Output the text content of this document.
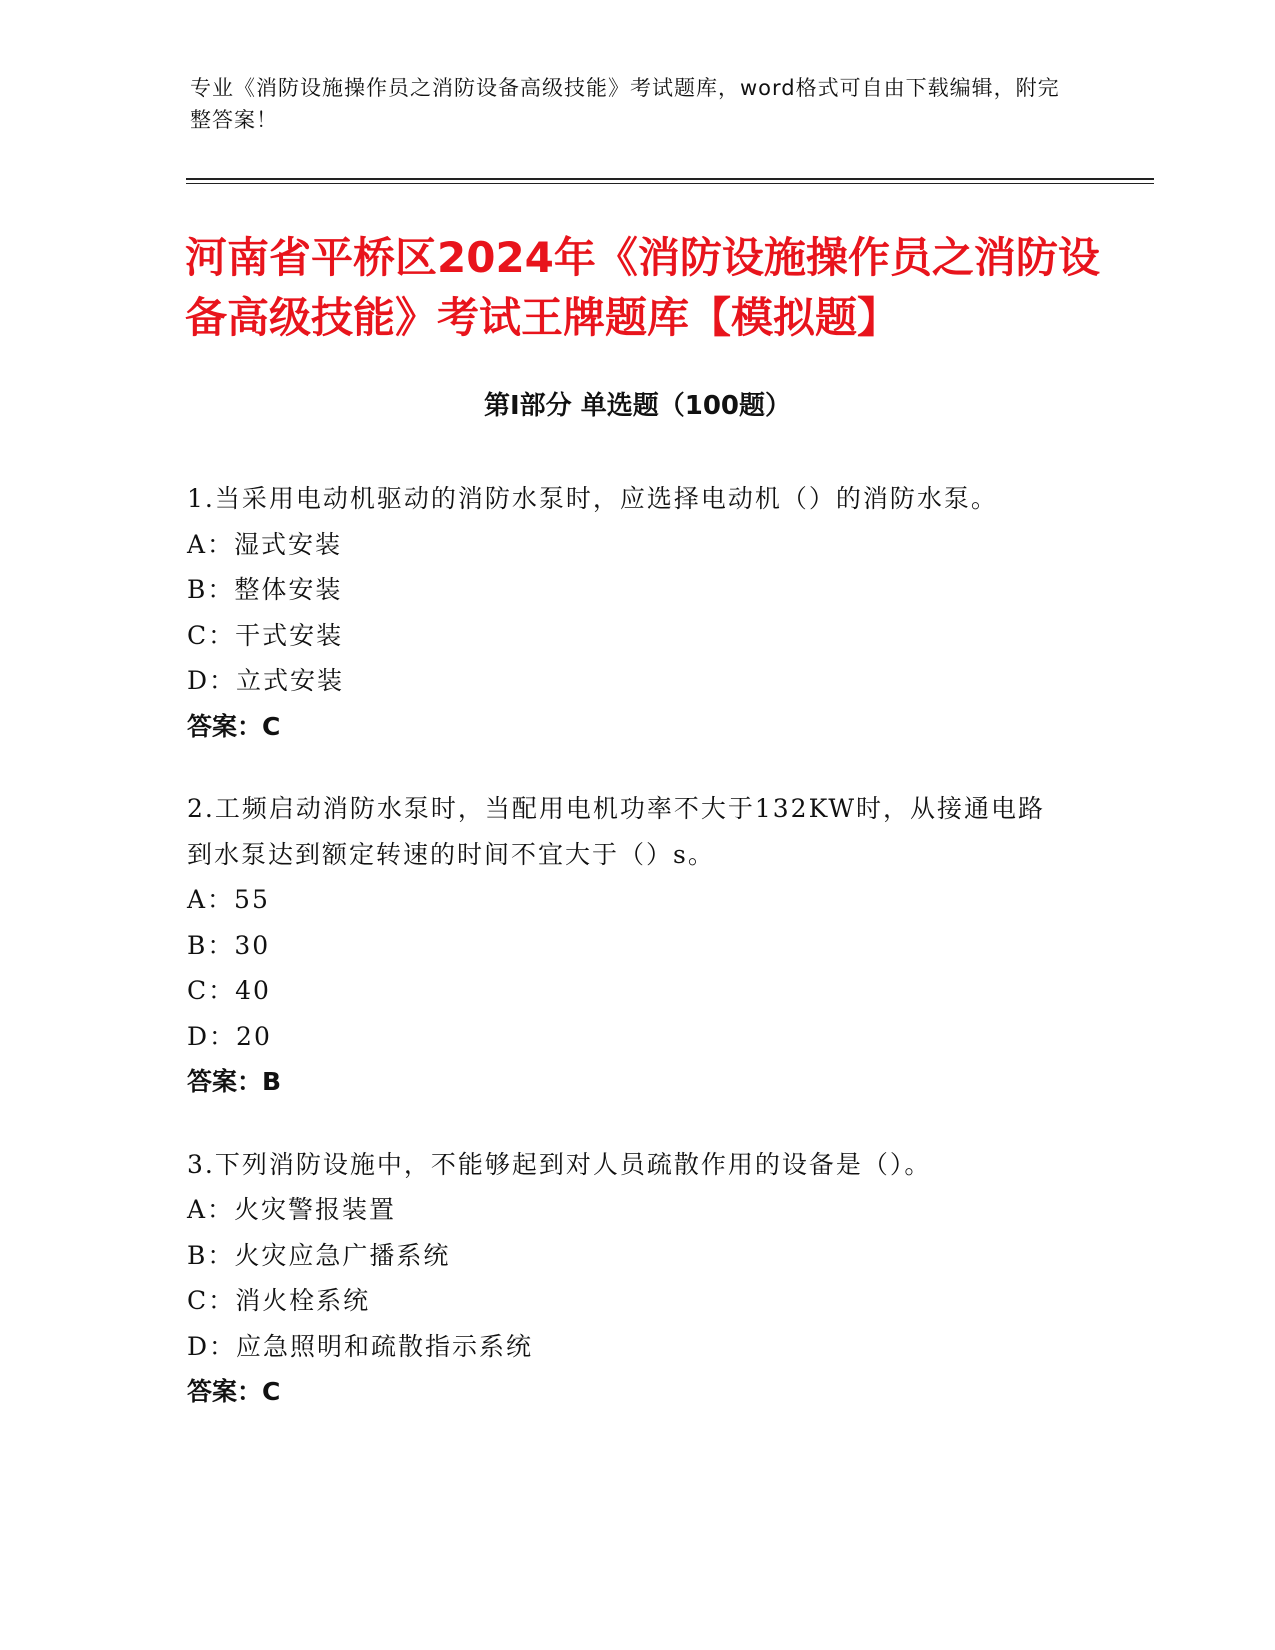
专业《消防设施操作员之消防设备高级技能》考试题库，word格式可自由下载编辑，附完整答案！
河南省平桥区2024年《消防设施操作员之消防设备高级技能》考试王牌题库【模拟题】
第Ⅰ部分 单选题（100题）
1.当采用电动机驱动的消防水泵时，应选择电动机（）的消防水泵。
A：湿式安装
B：整体安装
C：干式安装
D：立式安装
答案：C
2.工频启动消防水泵时，当配用电机功率不大于132KW时，从接通电路到水泵达到额定转速的时间不宜大于（）s。
A：55
B：30
C：40
D：20
答案：B
3.下列消防设施中，不能够起到对人员疏散作用的设备是（）。
A：火灾警报装置
B：火灾应急广播系统
C：消火栓系统
D：应急照明和疏散指示系统
答案：C
